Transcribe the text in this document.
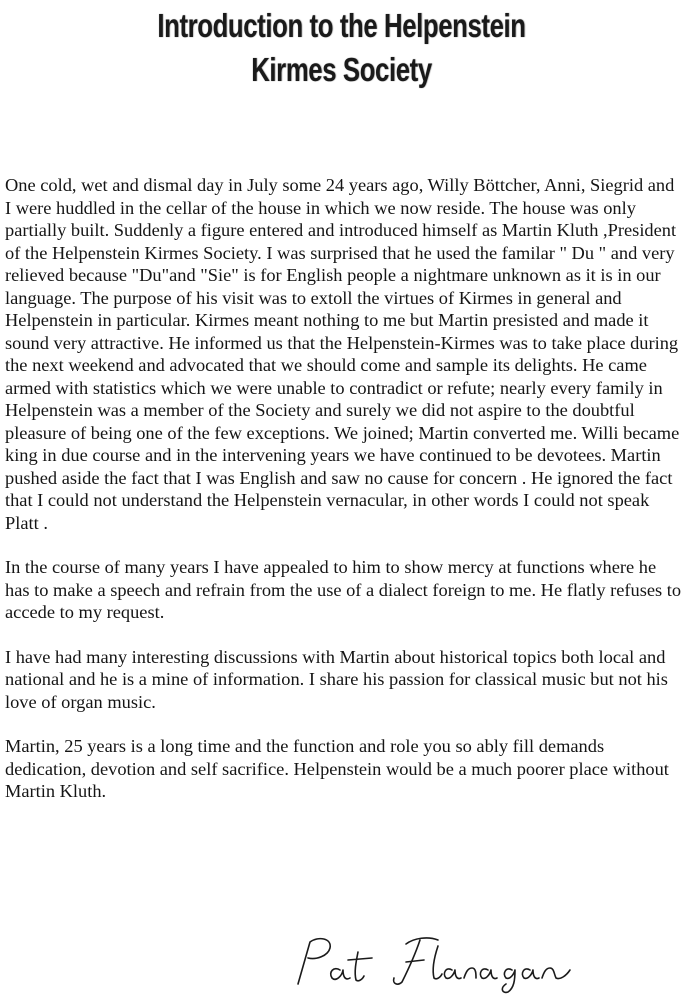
Introduction to the Helpenstein
Kirmes Society

One cold, wet and dismal day in July some 24 years ago, Willy Böttcher, Anni, Siegrid and I were huddled in the cellar of the house in which we now reside. The house was only partially built. Suddenly a figure entered and introduced himself as Martin Kluth ,President of the Helpenstein Kirmes Society. I was surprised that he used the familar " Du " and very relieved because "Du"and "Sie" is for English people a nightmare unknown as it is in our language. The purpose of his visit was to extoll the virtues of Kirmes in general and Helpenstein in particular. Kirmes meant nothing to me but Martin presisted and made it sound very attractive. He informed us that the Helpenstein-Kirmes was to take place during the next weekend and advocated that we should come and sample its delights. He came armed with statistics which we were unable to contradict or refute; nearly every family in Helpenstein was a member of the Society and surely we did not aspire to the doubtful pleasure of being one of the few exceptions. We joined; Martin converted me. Willi became king in due course and in the intervening years we have continued to be devotees. Martin pushed aside the fact that I was English and saw no cause for concern . He ignored the fact that I could not understand the Helpenstein vernacular, in other words I could not speak Platt .

In the course of many years I have appealed to him to show mercy at functions where he has to make a speech and refrain from the use of a dialect foreign to me. He flatly refuses to accede to my request.

I have had many interesting discussions with Martin about historical topics both local and national and he is a mine of information. I share his passion for classical music but not his love of organ music.

Martin, 25 years is a long time and the function and role you so ably fill demands dedication, devotion and self sacrifice. Helpenstein would be a much poorer place without Martin Kluth.
